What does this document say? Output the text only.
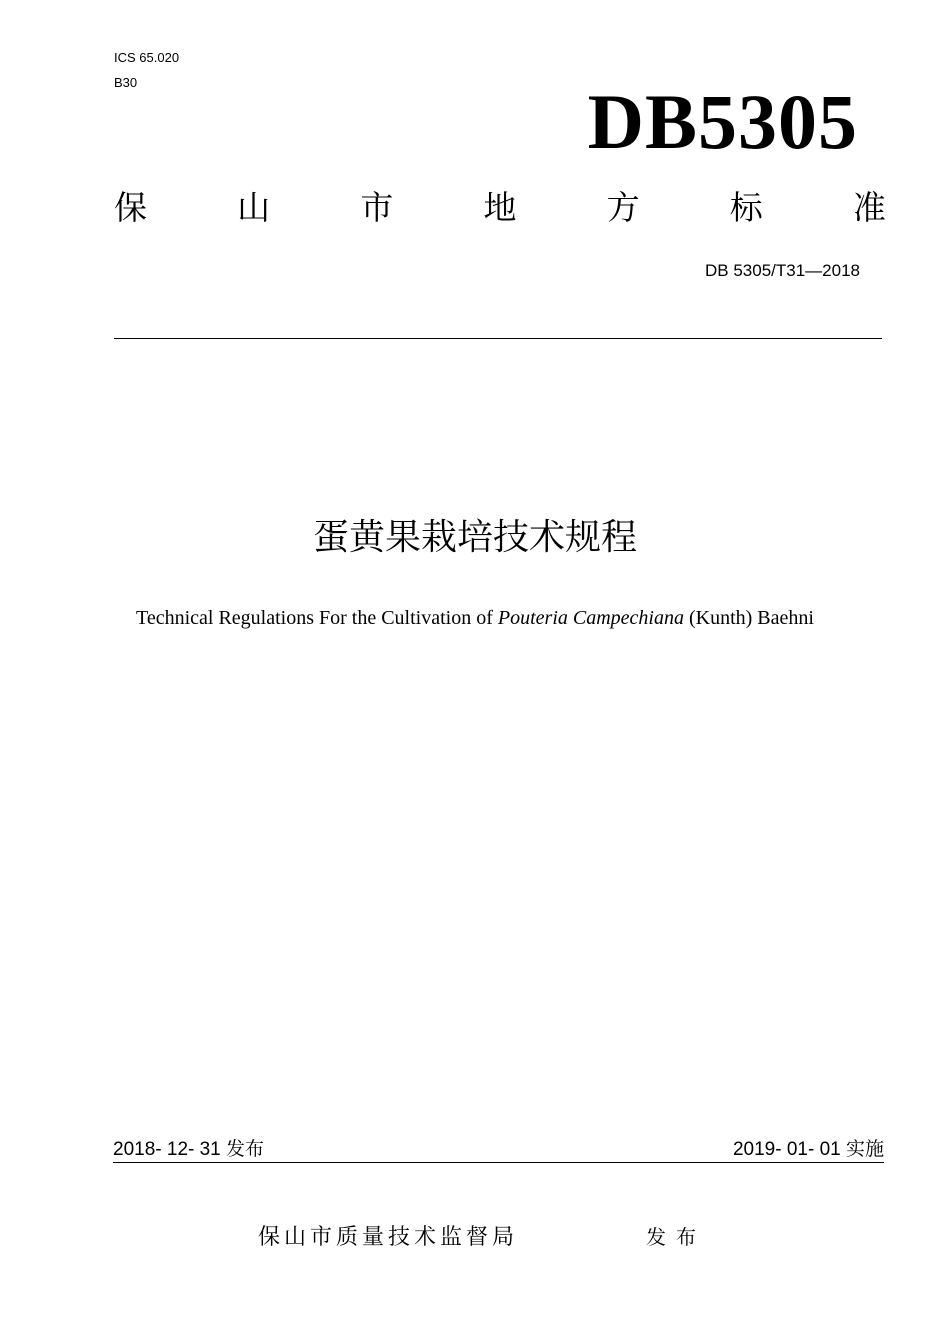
ICS 65.020
B30	DB5305
保	山	市	地	方	标	准
DB 5305/T31—2018
蛋黄果栽培技术规程
Technical Regulations For the Cultivation of Pouteria Campechiana (Kunth) Baehni
2018- 12- 31 发布	2019- 01- 01 实施
保山市质量技术监督局	发布
